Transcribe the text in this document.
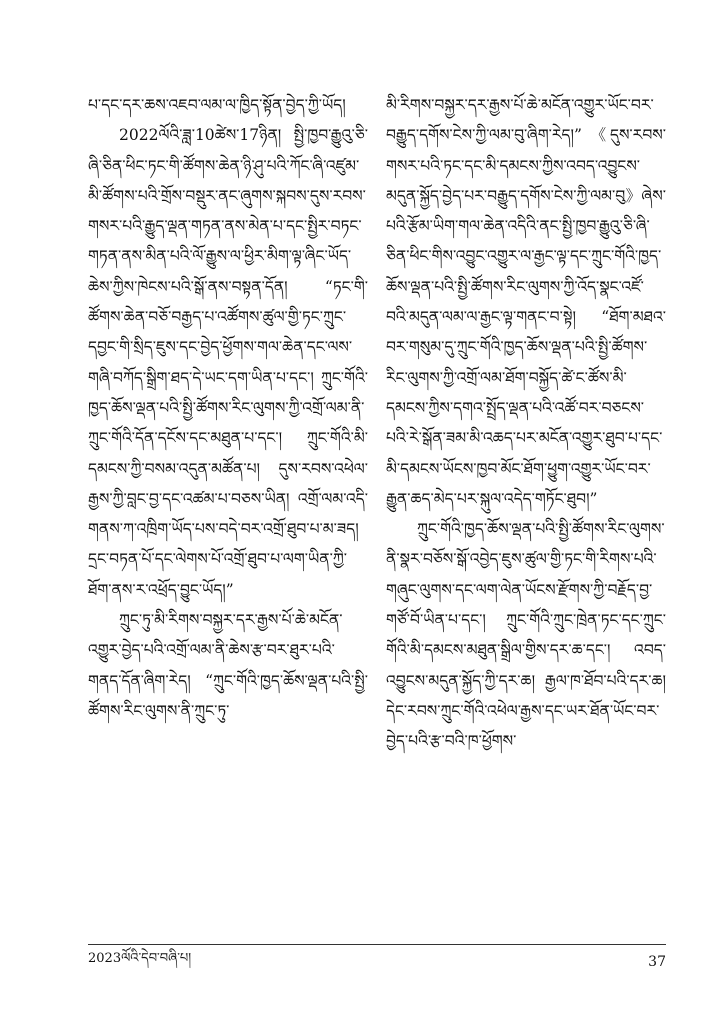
པ་དང་དར་ཆས་འཇབ་ལམ་ལ་ཁྱིད་སྟོན་བྱེད་ཀྱི་ཡོད།

2022ལོའི་ཟླ་10ཚེས་17ཉིན། སྤྱི་ཁྱབ་རྒྱུའུ་ཅི་ཞི་ཅིན་ཕིང་ཏང་གི་ཚོགས་ཆེན་ཉི་ཤུ་པའི་ཀོང་ཞི་འཛུམ་མི་ཚོགས་པའི་གྲོས་བསྡུར་ནང་ཞུགས་སྐབས་དུས་རབས་གསར་པའི་རྒྱུད་ལྡན་གཏན་ནས་མེན་པ་དང་སྤྱིར་བཏང་གཏན་ནས་མིན་པའི་ལོ་རྒྱུས་ལ་ཕྱིར་མིག་ལྟ་ཞིང་ཡོད་ཆེས་ཀྱིས་ཁེངས་པའི་སྒོ་ནས་བསྟན་དོན། “ཏང་གི་ཚོགས་ཆེན་བཅོ་བརྒྱད་པ་འཚོགས་ཚུལ་གྱི་ཏང་ཀྲུང་དབྱང་གི་སྲིད་ཇུས་དང་བྱེད་ཕྱོགས་གལ་ཆེན་དང་ལས་གཞི་བཀོད་སྒྲིག་ཐད་དེ་ཡང་དག་ཡིན་པ་དང་། ཀྲུང་གོའི་ཁྱད་ཆོས་ལྡན་པའི་སྤྱི་ཚོགས་རིང་ལུགས་ཀྱི་འགྲོ་ལམ་ནི་ཀྲུང་གོའི་དོན་དངོས་དང་མཐུན་པ་དང་། ཀྲུང་གོའི་མི་དམངས་ཀྱི་བསམ་འདུན་མཚོན་པ། དུས་རབས་འཕེལ་རྒྱས་ཀྱི་བླང་བྱ་དང་འཚམ་པ་བཅས་ཡིན། འགྲོ་ལམ་འདི་གནས་ཀ་འཁྲིག་ཡོད་པས་བདེ་བར་འགྲོ་ཐུབ་པ་མ་ཟད། དྲང་བཏན་པོ་དང་ལེགས་པོ་འགྲོ་ཐུབ་པ་ལག་ཡིན་ཀྱི་ཐོག་ནས་ར་འཕྲོད་བྱུང་ཡོད།”

ཀྲུང་ཏུ་མི་རིགས་བསྐྱར་དར་རྒྱས་པོ་ཆེ་མངོན་འགྱུར་བྱེད་པའི་འགྲོ་ལམ་ནི་ཆེས་རྩ་བར་ཐུར་པའི་གནད་དོན་ཞིག་རེད། “ཀྲུང་གོའི་ཁྱད་ཆོས་ལྡན་པའི་སྤྱི་ཚོགས་རིང་ལུགས་ནི་ཀྲུང་ཏུ་

མི་རིགས་བསྐྱར་དར་རྒྱས་པོ་ཆེ་མངོན་འགྱུར་ཡོང་བར་བརྒྱུད་དགོས་ངེས་ཀྱི་ལམ་བུ་ཞིག་རེད།” 《དུས་རབས་གསར་པའི་ཏང་དང་མི་དམངས་ཀྱིས་འབད་འབྱུངས་མདུན་སྐྱོད་བྱེད་པར་བརྒྱུད་དགོས་ངེས་ཀྱི་ལམ་བུ》ཞེས་པའི་རྩོམ་ཡིག་གལ་ཆེན་འདིའི་ནང་སྤྱི་ཁྱབ་རྒྱུའུ་ཅི་ཞི་ཅིན་ཕིང་གིས་འབྱུང་འགྱུར་ལ་རྒྱང་ལྟ་དང་ཀྲུང་གོའི་ཁྱད་ཆོས་ལྡན་པའི་སྤྱི་ཚོགས་རིང་ལུགས་ཀྱི་འོད་སྣང་འཛོ་བའི་མདུན་ལམ་ལ་རྒྱང་ལྟ་གནང་བ་སྟེ། “ཐོག་མཐའ་བར་གསུམ་དུ་ཀྲུང་གོའི་ཁྱད་ཆོས་ལྡན་པའི་སྤྱི་ཚོགས་རིང་ལུགས་ཀྱི་འགྲོ་ལམ་ཐོག་བསྐྱོད་ཚེ་ང་ཚོས་མི་དམངས་ཀྱིས་དགའ་སྤྲོད་ལྡན་པའི་འཚོ་བར་བཅངས་པའི་རེ་སྒོན་ཟམ་མི་འཆད་པར་མངོན་འགྱུར་ཐུབ་པ་དང་མི་དམངས་ཡོངས་ཁྱབ་མོང་ཐོག་ཕྱུག་འགྱུར་ཡོང་བར་རྒྱུན་ཆད་མེད་པར་སྐུལ་འདེད་གཏོང་ཐུབ།”

ཀྲུང་གོའི་ཁྱད་ཆོས་ལྡན་པའི་སྤྱི་ཚོགས་རིང་ལུགས་ནི་སྣར་བཅོས་སྒོ་འབྱེད་ཇུས་ཚུལ་གྱི་ཏང་གི་རིགས་པའི་གཞུང་ལུགས་དང་ལག་ལེན་ཡོངས་རྫོགས་ཀྱི་བརྗོད་བྱ་གཙོ་བོ་ཡིན་པ་དང་། ཀྲུང་གོའི་ཀྲུང་ཁྲེན་ཏང་དང་ཀྲུང་གོའི་མི་དམངས་མཐུན་སྒྲིལ་གྱིས་དར་ཆ་དང་། འབད་འབྱུངས་མདུན་སྐྱོད་ཀྱི་དར་ཆ། རྒྱལ་ཁ་ཐོབ་པའི་དར་ཆ། དེང་རབས་ཀྲུང་གོའི་འཕེལ་རྒྱས་དང་ཡར་ཐོན་ཡོང་བར་བྱེད་པའི་རྩ་བའི་ཁ་ཕྱོགས་

2023ལོའི་དེབ་བཞི་པ།	37
